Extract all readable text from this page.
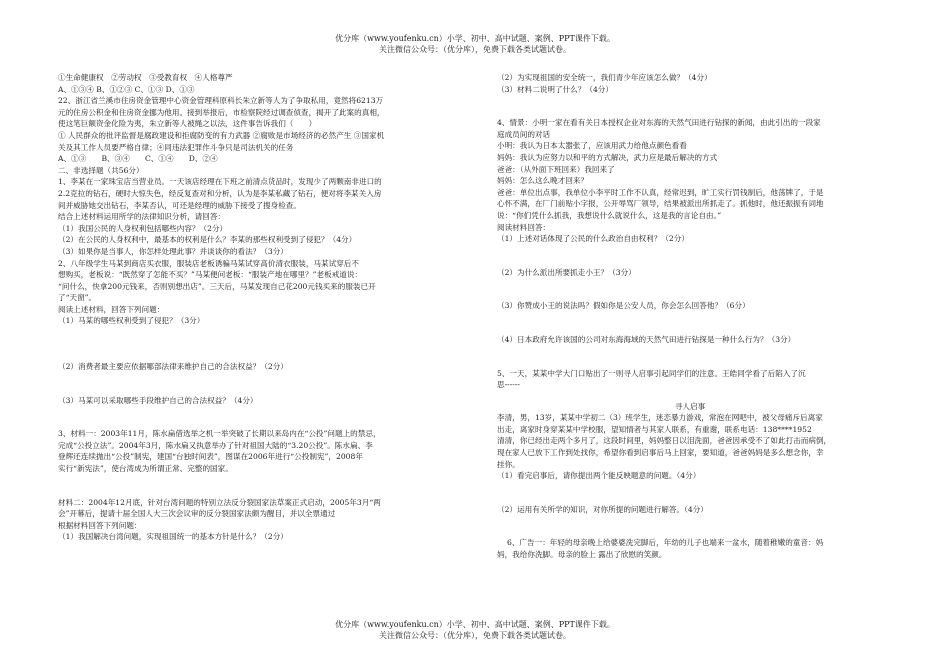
优分库（www.youfenku.cn）小学、初中、高中试题、案例、PPT课件下载。
关注微信公众号：（优分库），免费下载各类试题试卷。

①生命健康权　②劳动权　③受教育权　④人格尊严

A、①③④ B、①②③ C、①③ D、①③

22、浙江省兰溪市住房资金管理中心资金管理科原科长朱立新等人为了争取私用，竟然将6213万

元的住房公积金和住房资金挪为他用。接到举报后，市检察院经过调查侦查，揭开了此案的真相，

使这笔巨额资金化险为夷，朱立新等人被绳之以法，这件事告诉我们（　　）

① 人民群众的批评监督是腐政建设和拒腐防变的有力武器 ②腐败是市场经济的必然产生 ③国家机

关及其工作人员要严格自律；④同违法犯罪作斗争只是司法机关的任务

A、①③　　B、③④　　C、①④　　D、②④

二、非选择题（共56分）

1、李某在一家珠宝店当营业员。一天该店经理在下班之前清点货品时，发现少了两颗南非进口的

2.2克拉的钻石，硬时大惊失色，经反复查对和分析，认为是李某私藏了钻石，便对将李某关入房

间并威胁她交出钻石，李某否认，可还是经理的威胁下接受了搜身检查。

结合上述材料运用所学的法律知识分析，请回答：

（1）我国公民的人身权利包括哪些内容？（2分）

（2）在公民的人身权利中，最基本的权利是什么？李某的那些权利受到了侵犯？（4分）

（3）如果你是当事人，你怎样处理此事？并谈谈你的看法？（3分）

2、八年级学生马某到商店买衣服，服装店老板诱骗马某试穿高价清衣服装，马某试穿后不

想购买，老板说：“既然穿了怎能不买？”马某便问老板：“服装产地在哪里？”老板戒道说：

“问什么，快拿200元钱来，否则别想出店”。三天后，马某发现自己花200元钱买来的服装已开

了“天窗”。

阅读上述材料，回答下列问题：

（1）马某的哪些权利受到了侵犯？（3分）

（2）消费者最主要应依据哪部法律来维护自己的合法权益？（2分）

（3）马某可以采取哪些手段维护自己的合法权益？（4分）

3、材料一：2003年11月，陈水扁借选举之机一举突破了长期以来岛内在“公投”问题上的禁忌，

完成“公投立法”。2004年3月，陈水扁又执意举办了针对祖国大陆的“3.20公投”。陈水扁、李

登辉还连续抛出“公投”制宪，建国“台独时间表”，图谋在2006年进行“公投制宪”，2008年

实行“新宪法”，使台湾成为所谓正常、完整的国家。

材料二：2004年12月底，针对台湾问题的特别立法反分裂国家法草案正式启动，2005年3月“两

会”开幕后，提请十届全国人大三次会议审的反分裂国家法颇为醒目，并以全票通过

根据材料回答下列问题：

（1）我国解决台湾问题，实现祖国统一的基本方针是什么？（2分）

（2）为实现祖国的安全统一，我们青少年应该怎么做？（4分）

（3）材料二说明了什么？（4分）

4、情景：小明一家在看有关日本授权企业对东海的天然气田进行钻探的新闻，由此引出的一段家

庭成员间的对话

小明：我认为日本太嚣张了，应该用武力给他点颜色看看

妈妈：我认为应努力以和平的方式解决，武力应是最后解决的方式

爸爸：（从外面下班回来）我回来了

妈妈：怎么这么晚才回来？

爸爸：单位出点事，我单位小李平时工作不认真，经常迟到，旷工实行罚钱制后，他荡牌了，于是

心怀不满，在厂门前贴小字报，公开辱骂厂领导，结果被派出所抓走了。抓他时，他还振振有词地

说：“你们凭什么抓我，我想说什么就说什么，这是我的言论自由。”

阅读材料回答：

（1）上述对话体现了公民的什么政治自由权利？（2分）

（2）为什么派出所要抓走小王？（3分）

（3）你赞成小王的说法吗？假如你是公安人员，你会怎么回答他？（6分）

（4）日本政府允许该国的公司对东海海域的天然气田进行钻探是一种什么行为？（3分）

5、一天，某某中学大门口贴出了一则寻人启事引起同学们的注意。王皓同学看了后陷入了沉

思------

寻人启事

李清，男，13岁，某某中学初二（3）班学生，迷恋暴力游戏，常泡在网吧中，被父母痛斥后离家

出走，离家时身穿某某中学校服，望知情者与其家人联系，有重谢，联系电话：138****1952

清清，你已经出走两个多月了，这段时间里，妈妈整日以泪洗面，爸爸因承受不了如此打击而病倒，

现在家人已放下工作到处找你，希望你看到启事后马上回家，要知道，爸爸妈妈是多么想念你，幸

挂你。

（1）看完启事后，请你提出两个能反映题意的问题。（4分）

（2）运用有关所学的知识，对你所提的问题进行解答。（4分）

6、广告一：年轻的母亲晚上给婆婆洗完脚后，年幼的儿子也端来一盆水，随着稚嫩的童音：妈

妈，我给你洗脚。母亲的脸上 露出了欣慰的笑颜。

优分库（www.youfenku.cn）小学、初中、高中试题、案例、PPT课件下载。
关注微信公众号：（优分库），免费下载各类试题试卷。
